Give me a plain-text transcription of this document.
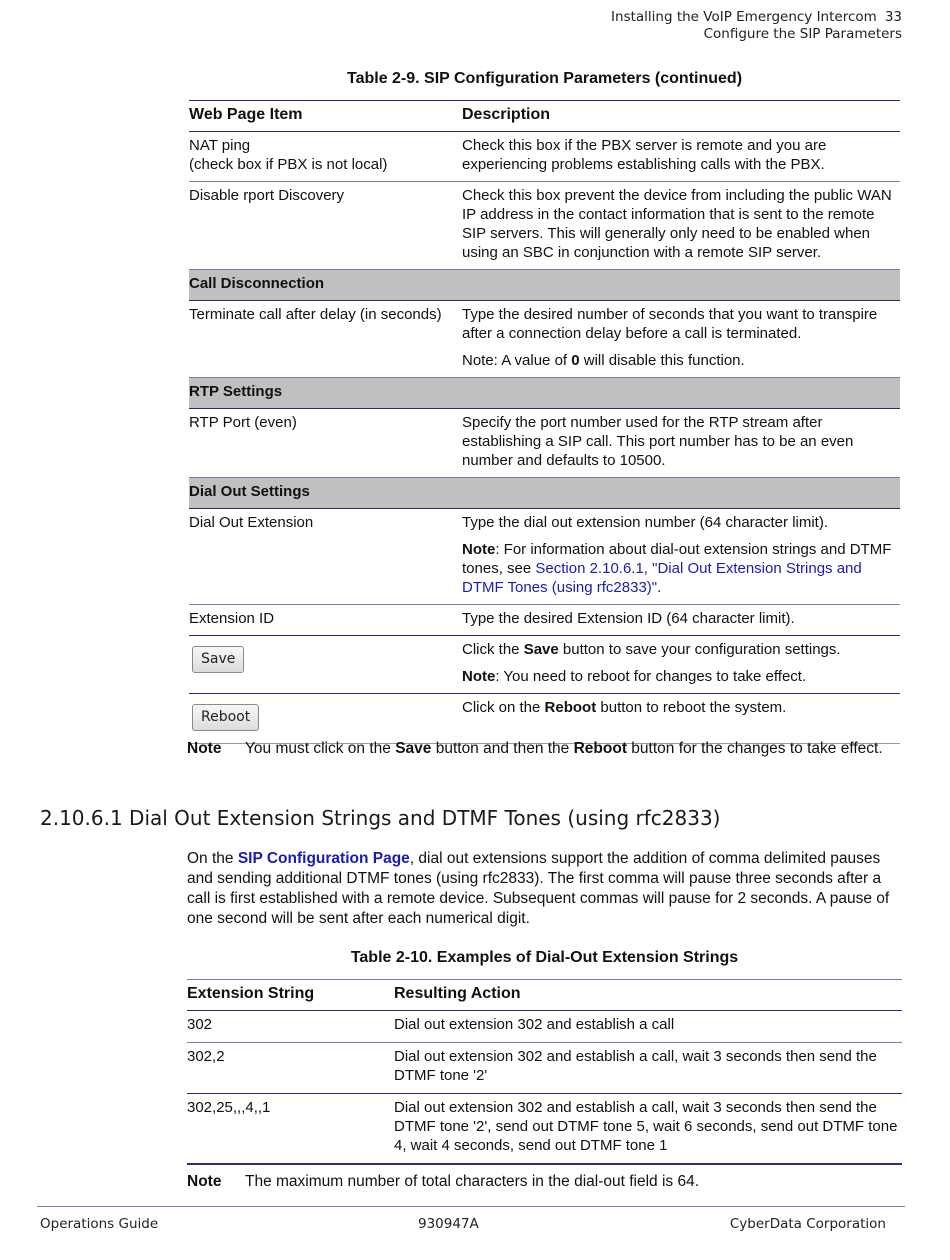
Installing the VoIP Emergency Intercom 33
Configure the SIP Parameters
Table 2-9. SIP Configuration Parameters (continued)
Web Page Item	Description

NAT ping
(check box if PBX is not local)	Check this box if the PBX server is remote and you are experiencing problems establishing calls with the PBX.
Disable rport Discovery	Check this box prevent the device from including the public WAN IP address in the contact information that is sent to the remote SIP servers. This will generally only need to be enabled when using an SBC in conjunction with a remote SIP server.
Call Disconnection	
Terminate call after delay (in seconds)	Type the desired number of seconds that you want to transpire after a connection delay before a call is terminated.
Note: A value of 0 will disable this function.

RTP Settings	
RTP Port (even)	Specify the port number used for the RTP stream after establishing a SIP call. This port number has to be an even number and defaults to 10500.
Dial Out Settings	
Dial Out Extension	Type the dial out extension number (64 character limit).
Note: For information about dial-out extension strings and DTMF tones, see Section 2.10.6.1, "Dial Out Extension Strings and DTMF Tones (using rfc2833)".

Extension ID	Type the desired Extension ID (64 character limit).
Save	Click the Save button to save your configuration settings.
Note: You need to reboot for changes to take effect.

Reboot	Click on the Reboot button to reboot the system.
Note You must click on the Save button and then the Reboot button for the changes to take effect.
2.10.6.1 Dial Out Extension Strings and DTMF Tones (using rfc2833)

On the SIP Configuration Page, dial out extensions support the addition of comma delimited pauses and sending additional DTMF tones (using rfc2833). The first comma will pause three seconds after a call is first established with a remote device. Subsequent commas will pause for 2 seconds. A pause of one second will be sent after each numerical digit.

Table 2-10. Examples of Dial-Out Extension Strings
Extension String	Resulting Action
302	Dial out extension 302 and establish a call
302,2	Dial out extension 302 and establish a call, wait 3 seconds then send the DTMF tone '2'
302,25,,,4,,1	Dial out extension 302 and establish a call, wait 3 seconds then send the DTMF tone '2', send out DTMF tone 5, wait 6 seconds, send out DTMF tone 4, wait 4 seconds, send out DTMF tone 1
Note The maximum number of total characters in the dial-out field is 64.
Operations Guide	930947A	CyberData Corporation
